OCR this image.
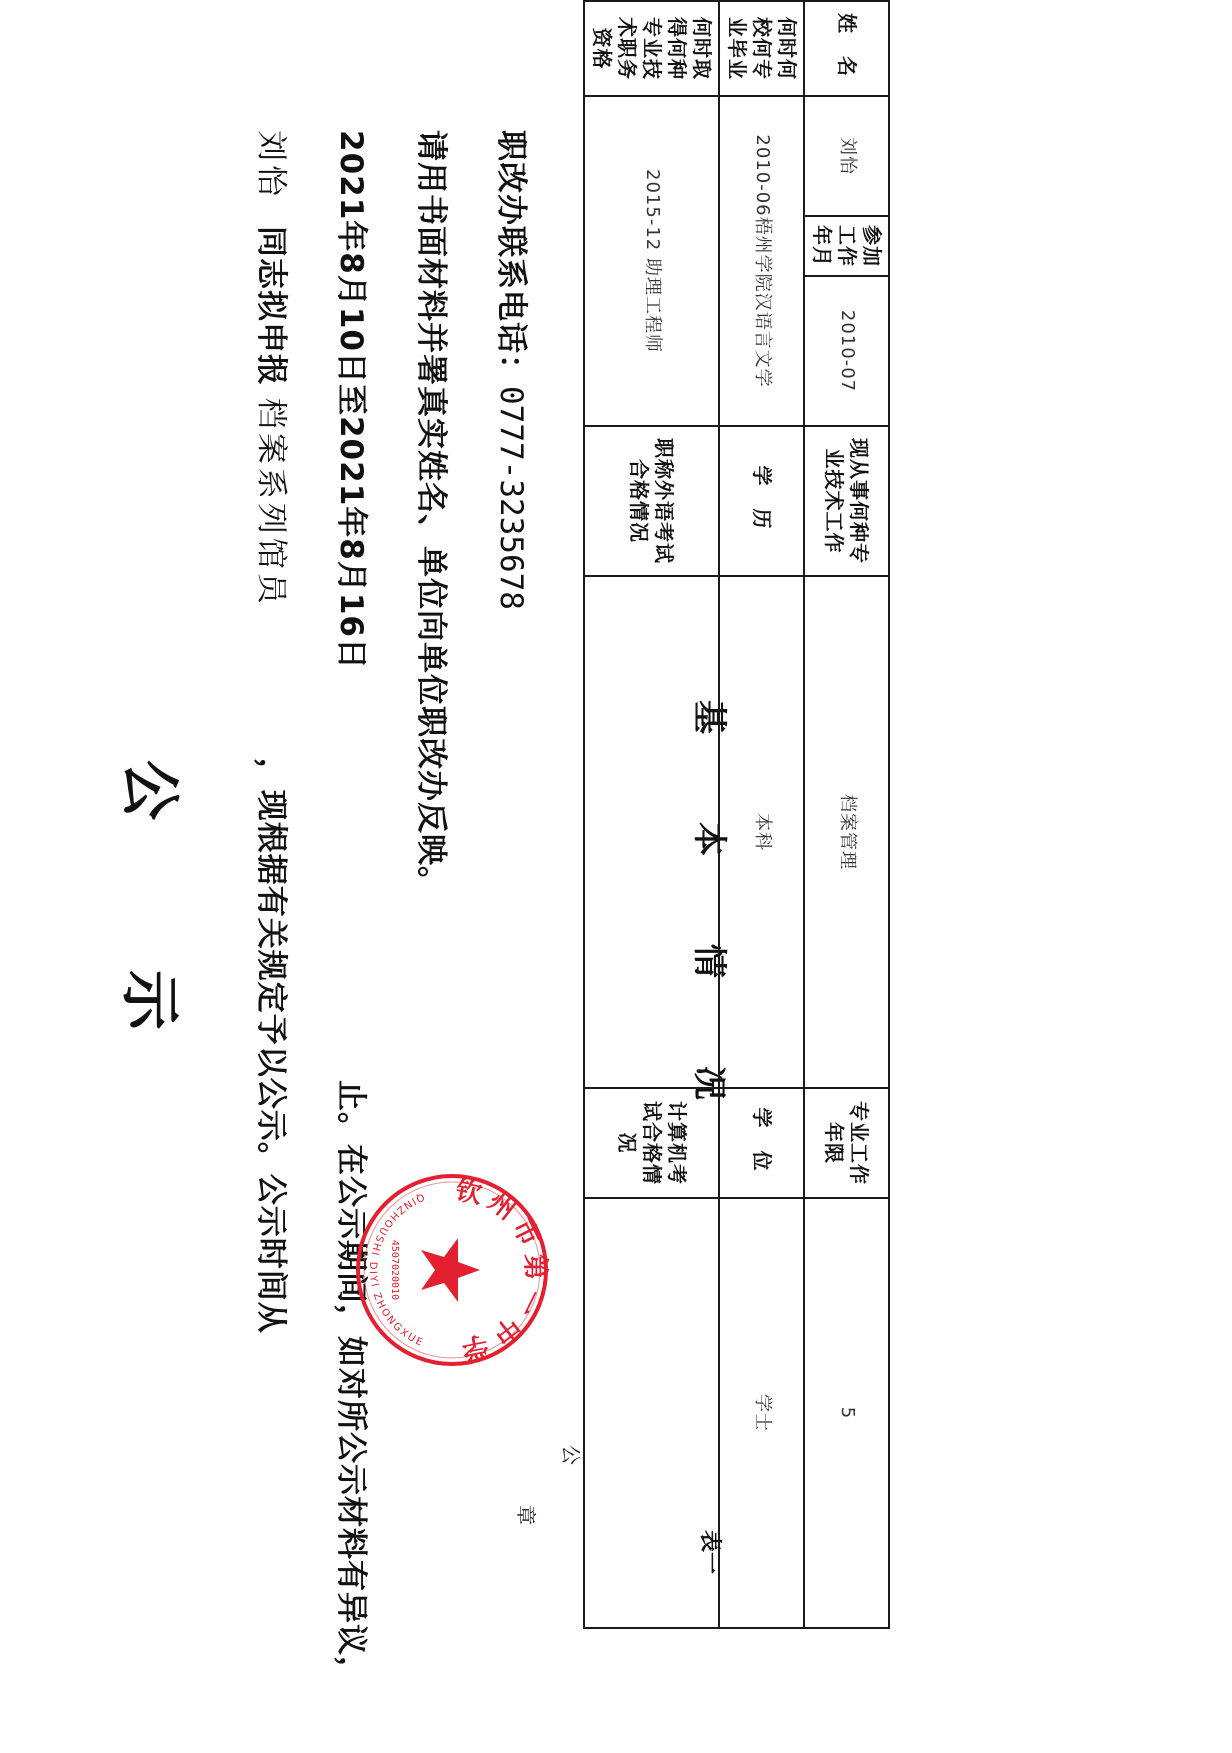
公示
刘怡同志拟申报 档案系列馆员，现根据有关规定予以公示。公示时间从
2021年8月10日至2021年8月16日止。在公示期间，如对所公示材料有异议，
请用书面材料并署真实姓名、单位向单位职改办反映。 职改办联系电话：0777-3235678
钦州市第一中学
QINZHOUSHI DIYI ZHONGXUE
4507020010
公
章
基本情况
表一
姓 名	刘怡	参加工作年月	2010-07	现从事何种专业技术工作	档案管理	专业工作年限	5
何时何校何专业毕业	2010-06梧州学院汉语言文学			学 历	本科	学 位	学士
何时取得何种专业技术职务资格	2015-12 助理工程师			职称外语考试合格情况		计算机考试合格情况	
